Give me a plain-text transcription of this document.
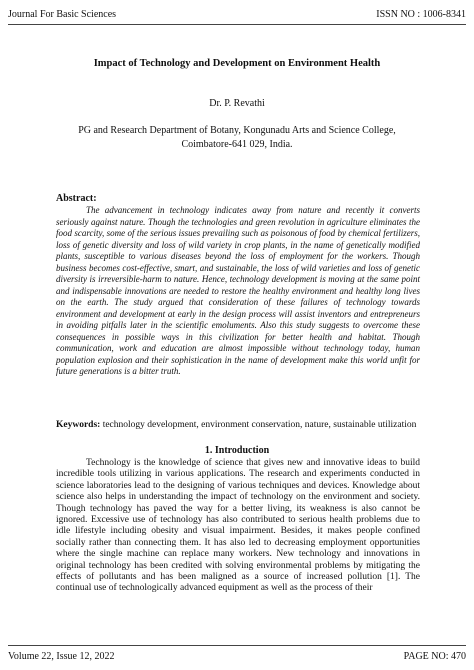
Journal For Basic Sciences	ISSN NO : 1006-8341
Impact of Technology and Development on Environment Health
Dr. P. Revathi
PG and Research Department of Botany, Kongunadu Arts and Science College,
Coimbatore-641 029, India.
Abstract:

The advancement in technology indicates away from nature and recently it converts seriously against nature. Though the technologies and green revolution in agriculture eliminates the food scarcity, some of the serious issues prevailing such as poisonous of food by chemical fertilizers, loss of genetic diversity and loss of wild variety in crop plants, in the name of genetically modified plants, susceptible to various diseases beyond the loss of employment for the workers. Though business becomes cost-effective, smart, and sustainable, the loss of wild varieties and loss of genetic diversity is irreversible-harm to nature. Hence, technology development is moving at the same point and indispensable innovations are needed to restore the healthy environment and healthy long lives on the earth. The study argued that consideration of these failures of technology towards environment and development at early in the design process will assist inventors and entrepreneurs in avoiding pitfalls later in the scientific emoluments. Also this study suggests to overcome these consequences in possible ways in this civilization for better health and habitat. Though communication, work and education are almost impossible without technology today, human population explosion and their sophistication in the name of development make this world unfit for future generations is a bitter truth.

Keywords: technology development, environment conservation, nature, sustainable utilization
1. Introduction

Technology is the knowledge of science that gives new and innovative ideas to build incredible tools utilizing in various applications. The research and experiments conducted in science laboratories lead to the designing of various techniques and devices. Knowledge about science also helps in understanding the impact of technology on the environment and society. Though technology has paved the way for a better living, its weakness is also cannot be ignored. Excessive use of technology has also contributed to serious health problems due to idle lifestyle including obesity and visual impairment. Besides, it makes people confined socially rather than connecting them. It has also led to decreasing employment opportunities where the single machine can replace many workers. New technology and innovations in original technology has been credited with solving environmental problems by mitigating the effects of pollutants and has been maligned as a source of increased pollution [1]. The continual use of technologically advanced equipment as well as the process of their

Volume 22, Issue 12, 2022	PAGE NO: 470
